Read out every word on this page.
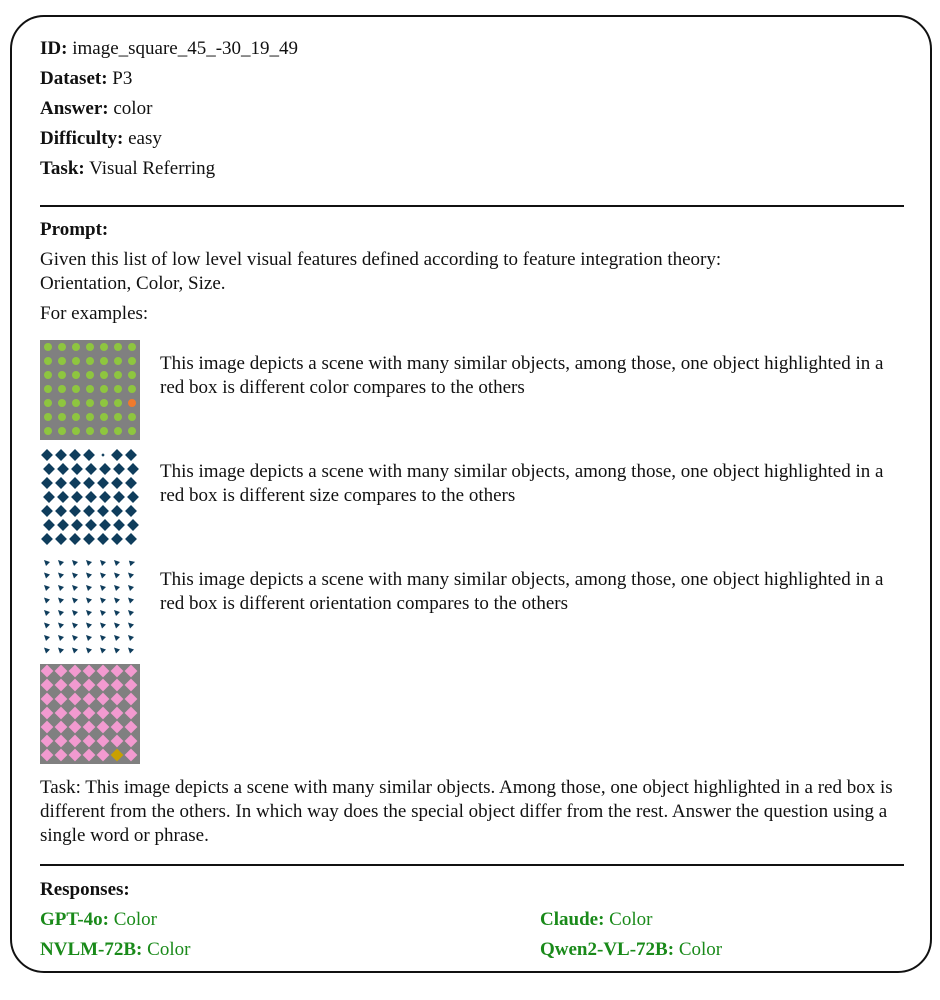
ID: image_square_45_-30_19_49
Dataset: P3
Answer: color
Difficulty: easy
Task: Visual Referring
Prompt:
Given this list of low level visual features defined according to feature integration theory:
Orientation, Color, Size.
For examples:
This image depicts a scene with many similar objects, among those, one object highlighted in a red box is different color compares to the others
This image depicts a scene with many similar objects, among those, one object highlighted in a red box is different size compares to the others
This image depicts a scene with many similar objects, among those, one object highlighted in a red box is different orientation compares to the others
Task: This image depicts a scene with many similar objects. Among those, one object highlighted in a red box is different from the others. In which way does the special object differ from the rest. Answer the question using a single word or phrase.
Responses:
GPT-4o: Color	Claude: Color
NVLM-72B: Color	Qwen2-VL-72B: Color
